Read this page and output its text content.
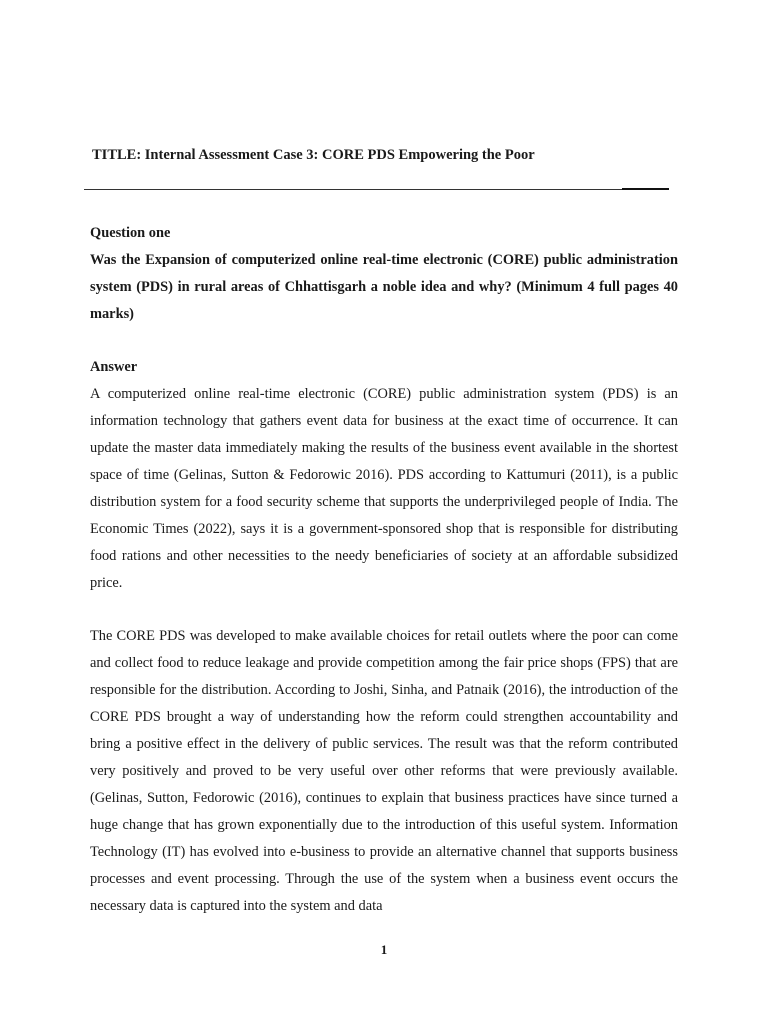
TITLE: Internal Assessment Case 3: CORE PDS Empowering the Poor

Question one

Was the Expansion of computerized online real-time electronic (CORE) public administration system (PDS) in rural areas of Chhattisgarh a noble idea and why? (Minimum 4 full pages 40 marks)

Answer

A computerized online real-time electronic (CORE) public administration system (PDS) is an information technology that gathers event data for business at the exact time of occurrence. It can update the master data immediately making the results of the business event available in the shortest space of time (Gelinas, Sutton & Fedorowic 2016). PDS according to Kattumuri (2011), is a public distribution system for a food security scheme that supports the underprivileged people of India. The Economic Times (2022), says it is a government-sponsored shop that is responsible for distributing food rations and other necessities to the needy beneficiaries of society at an affordable subsidized price.

The CORE PDS was developed to make available choices for retail outlets where the poor can come and collect food to reduce leakage and provide competition among the fair price shops (FPS) that are responsible for the distribution. According to Joshi, Sinha, and Patnaik (2016), the introduction of the CORE PDS brought a way of understanding how the reform could strengthen accountability and bring a positive effect in the delivery of public services. The result was that the reform contributed very positively and proved to be very useful over other reforms that were previously available. (Gelinas, Sutton, Fedorowic (2016), continues to explain that business practices have since turned a huge change that has grown exponentially due to the introduction of this useful system. Information Technology (IT) has evolved into e-business to provide an alternative channel that supports business processes and event processing. Through the use of the system when a business event occurs the necessary data is captured into the system and data

1
